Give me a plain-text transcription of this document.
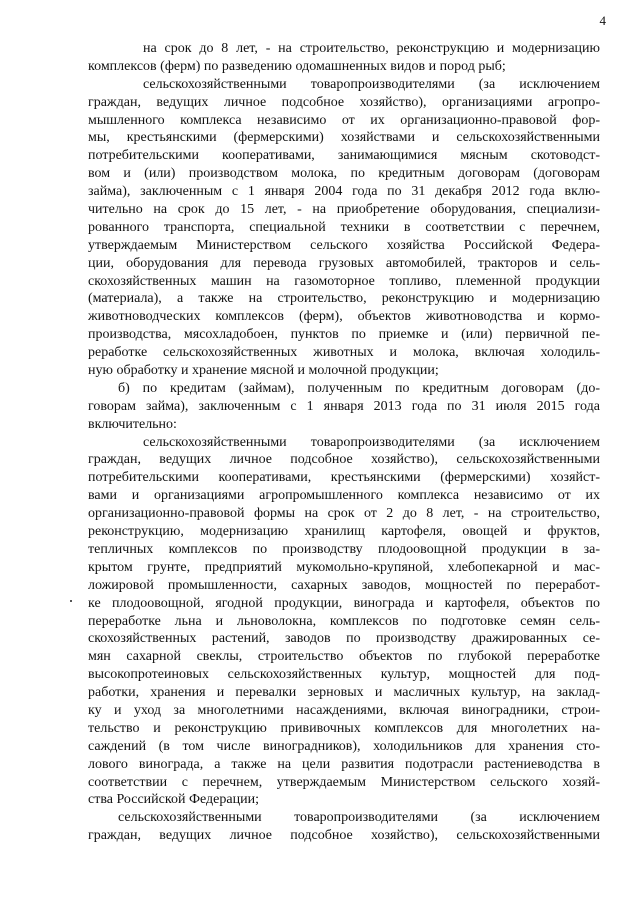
4
на срок до 8 лет, - на строительство, реконструкцию и модернизацию
комплексов (ферм) по разведению одомашненных видов и пород рыб;
сельскохозяйственными товаропроизводителями (за исключением
граждан, ведущих личное подсобное хозяйство), организациями агропро-
мышленного комплекса независимо от их организационно-правовой фор-
мы, крестьянскими (фермерскими) хозяйствами и сельскохозяйственными
потребительскими кооперативами, занимающимися мясным скотоводст-
вом и (или) производством молока, по кредитным договорам (договорам
займа), заключенным с 1 января 2004 года по 31 декабря 2012 года вклю-
чительно на срок до 15 лет, - на приобретение оборудования, специализи-
рованного транспорта, специальной техники в соответствии с перечнем,
утверждаемым Министерством сельского хозяйства Российской Федера-
ции, оборудования для перевода грузовых автомобилей, тракторов и сель-
скохозяйственных машин на газомоторное топливо, племенной продукции
(материала), а также на строительство, реконструкцию и модернизацию
животноводческих комплексов (ферм), объектов животноводства и кормо-
производства, мясохладобоен, пунктов по приемке и (или) первичной пе-
реработке сельскохозяйственных животных и молока, включая холодиль-
ную обработку и хранение мясной и молочной продукции;
б) по кредитам (займам), полученным по кредитным договорам (до-
говорам займа), заключенным с 1 января 2013 года по 31 июля 2015 года
включительно:
сельскохозяйственными товаропроизводителями (за исключением
граждан, ведущих личное подсобное хозяйство), сельскохозяйственными
потребительскими кооперативами, крестьянскими (фермерскими) хозяйст-
вами и организациями агропромышленного комплекса независимо от их
организационно-правовой формы на срок от 2 до 8 лет, - на строительство,
реконструкцию, модернизацию хранилищ картофеля, овощей и фруктов,
тепличных комплексов по производству плодоовощной продукции в за-
крытом грунте, предприятий мукомольно-крупяной, хлебопекарной и мас-
ложировой промышленности, сахарных заводов, мощностей по переработ-
ке плодоовощной, ягодной продукции, винограда и картофеля, объектов по
переработке льна и льноволокна, комплексов по подготовке семян сель-
скохозяйственных растений, заводов по производству дражированных се-
мян сахарной свеклы, строительство объектов по глубокой переработке
высокопротеиновых сельскохозяйственных культур, мощностей для под-
работки, хранения и перевалки зерновых и масличных культур, на заклад-
ку и уход за многолетними насаждениями, включая виноградники, строи-
тельство и реконструкцию прививочных комплексов для многолетних на-
саждений (в том числе виноградников), холодильников для хранения сто-
лового винограда, а также на цели развития подотрасли растениеводства в
соответствии с перечнем, утверждаемым Министерством сельского хозяй-
ства Российской Федерации;
сельскохозяйственными товаропроизводителями (за исключением
граждан, ведущих личное подсобное хозяйство), сельскохозяйственными
